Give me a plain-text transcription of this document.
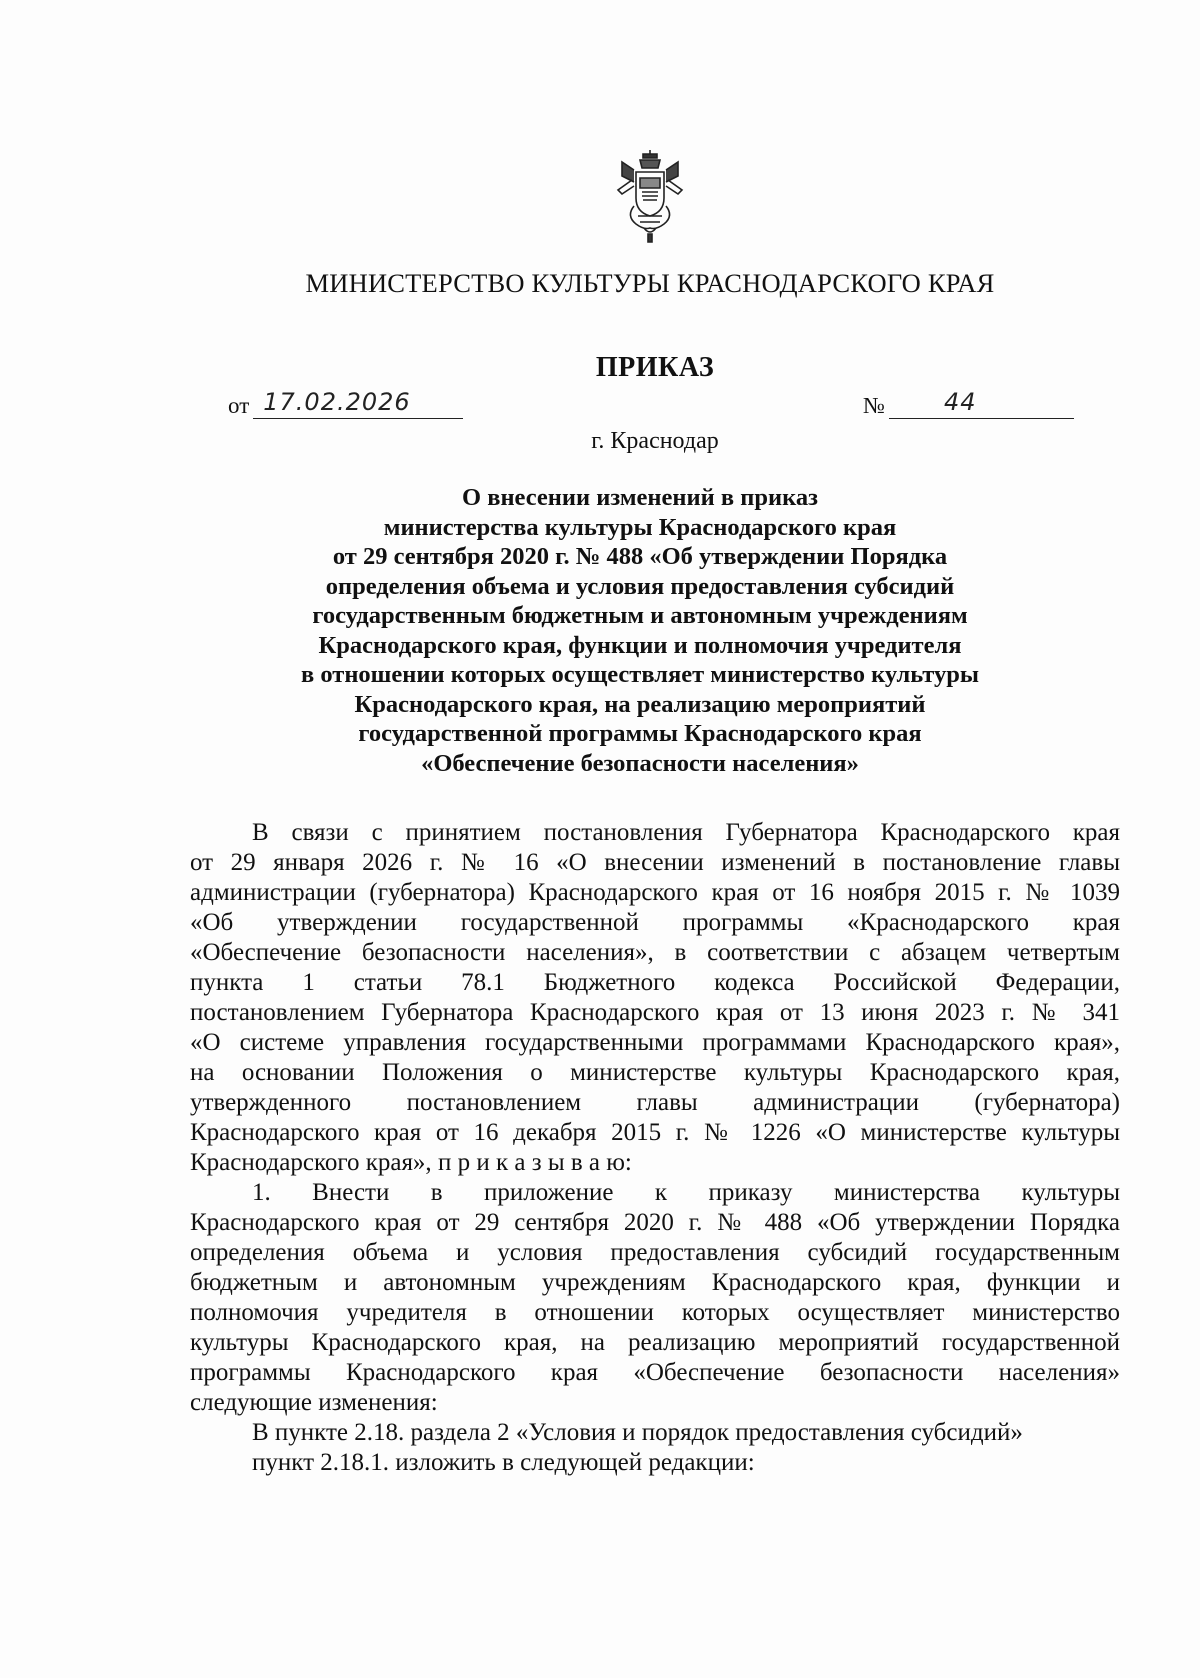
МИНИСТЕРСТВО КУЛЬТУРЫ КРАСНОДАРСКОГО КРАЯ
ПРИКАЗ
от 17.02.2026	№ 44
г. Краснодар
О внесении изменений в приказ
министерства культуры Краснодарского края
от 29 сентября 2020 г. № 488 «Об утверждении Порядка
определения объема и условия предоставления субсидий
государственным бюджетным и автономным учреждениям
Краснодарского края, функции и полномочия учредителя
в отношении которых осуществляет министерство культуры
Краснодарского края, на реализацию мероприятий
государственной программы Краснодарского края
«Обеспечение безопасности населения»
В связи с принятием постановления Губернатора Краснодарского края
от 29 января 2026 г. № 16 «О внесении изменений в постановление главы
администрации (губернатора) Краснодарского края от 16 ноября 2015 г. № 1039
«Об утверждении государственной программы «Краснодарского края
«Обеспечение безопасности населения», в соответствии с абзацем четвертым
пункта 1 статьи 78.1 Бюджетного кодекса Российской Федерации,
постановлением Губернатора Краснодарского края от 13 июня 2023 г. № 341
«О системе управления государственными программами Краснодарского края»,
на основании Положения о министерстве культуры Краснодарского края,
утвержденного постановлением главы администрации (губернатора)
Краснодарского края от 16 декабря 2015 г. № 1226 «О министерстве культуры
Краснодарского края», п р и к а з ы в а ю:
1. Внести в приложение к приказу министерства культуры
Краснодарского края от 29 сентября 2020 г. № 488 «Об утверждении Порядка
определения объема и условия предоставления субсидий государственным
бюджетным и автономным учреждениям Краснодарского края, функции и
полномочия учредителя в отношении которых осуществляет министерство
культуры Краснодарского края, на реализацию мероприятий государственной
программы Краснодарского края «Обеспечение безопасности населения»
следующие изменения:
В пункте 2.18. раздела 2 «Условия и порядок предоставления субсидий»
пункт 2.18.1. изложить в следующей редакции:
